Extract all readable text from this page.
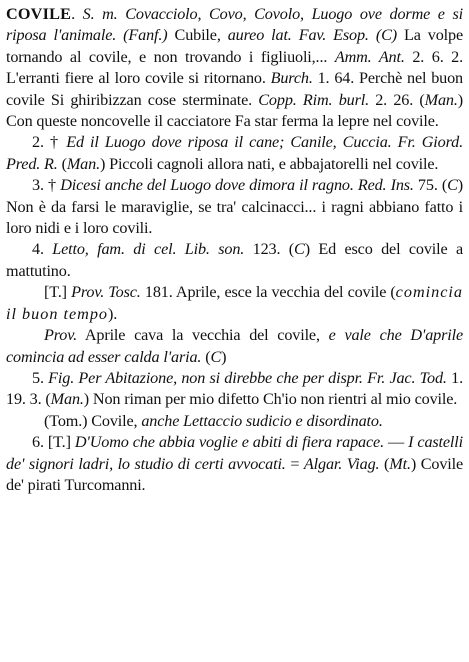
COVILE. S. m. Covacciolo, Covo, Covolo, Luogo ove dorme e si riposa l'animale. (Fanf.) Cubile, aureo lat. Fav. Esop. (C) La volpe tornando al covile, e non trovando i figliuoli,... Amm. Ant. 2. 6. 2. L'erranti fiere al loro covile si ritornano. Burch. 1. 64. Perchè nel buon covile Si ghiribizzan cose sterminate. Copp. Rim. burl. 2. 26. (Man.) Con queste noncovelle il cacciatore Fa star ferma la lepre nel covile.

2. † Ed il Luogo dove riposa il cane; Canile, Cuccia. Fr. Giord. Pred. R. (Man.) Piccoli cagnoli allora nati, e abbajatorelli nel covile.

3. † Dicesi anche del Luogo dove dimora il ragno. Red. Ins. 75. (C) Non è da farsi le maraviglie, se tra' calcinacci... i ragni abbiano fatto i loro nidi e i loro covili.

4. Letto, fam. di cel. Lib. son. 123. (C) Ed esco del covile a mattutino.

[T.] Prov. Tosc. 181. Aprile, esce la vecchia del covile (comincia il buon tempo).

Prov. Aprile cava la vecchia del covile, e vale che D'aprile comincia ad esser calda l'aria. (C)

5. Fig. Per Abitazione, non si direbbe che per dispr. Fr. Jac. Tod. 1. 19. 3. (Man.) Non riman per mio difetto Ch'io non rientri al mio covile.

(Tom.) Covile, anche Lettaccio sudicio e disordinato.

6. [T.] D'Uomo che abbia voglie e abiti di fiera rapace. — I castelli de' signori ladri, lo studio di certi avvocati. = Algar. Viag. (Mt.) Covile de' pirati Turcomanni.
